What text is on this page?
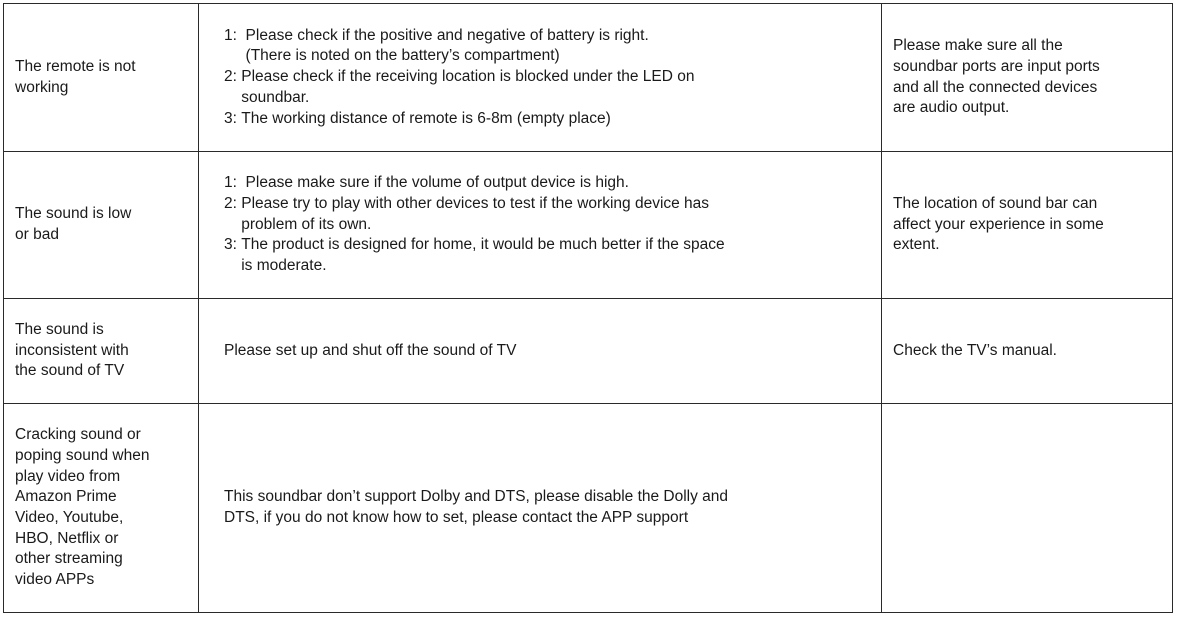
The remote is not
working
1: Please check if the positive and negative of battery is right.
(There is noted on the battery’s compartment)
2: Please check if the receiving location is blocked under the LED on
soundbar.
3: The working distance of remote is 6-8m (empty place)
Please make sure all the
soundbar ports are input ports
and all the connected devices
are audio output.
The sound is low
or bad
1: Please make sure if the volume of output device is high.
2: Please try to play with other devices to test if the working device has
problem of its own.
3: The product is designed for home, it would be much better if the space
is moderate.
The location of sound bar can
affect your experience in some
extent.
The sound is
inconsistent with
the sound of TV
Please set up and shut off the sound of TV	Check the TV’s manual.
Cracking sound or
poping sound when
play video from
Amazon Prime
Video, Youtube,
HBO, Netflix or
other streaming
video APPs
This soundbar don’t support Dolby and DTS, please disable the Dolly and
DTS, if you do not know how to set, please contact the APP support
